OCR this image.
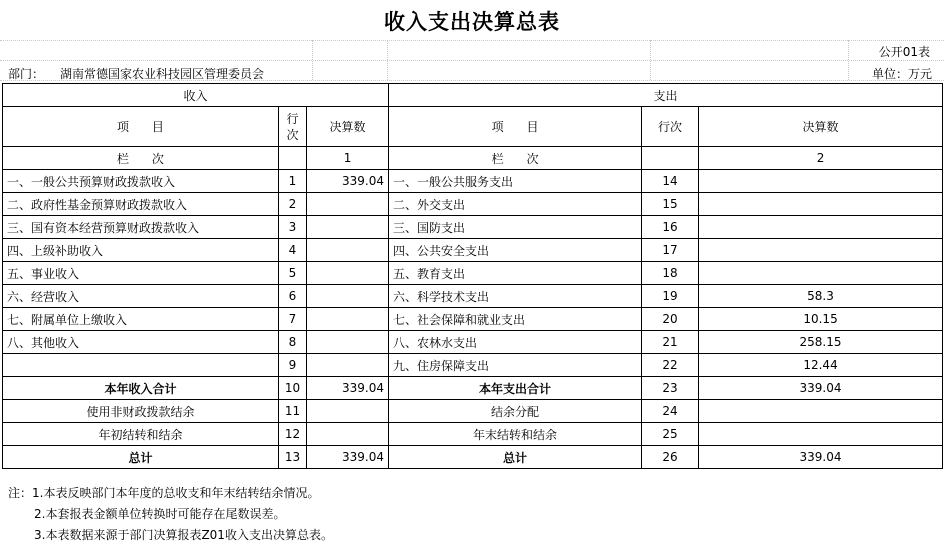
收入支出决算总表
公开01表
部门： 湖南常德国家农业科技园区管理委员会	单位：万元
收入			支出		
项      目	行次	决算数	项      目	行次	决算数
栏      次		1	栏      次		2
一、一般公共预算财政拨款收入	1	339.04	一、一般公共服务支出	14	
二、政府性基金预算财政拨款收入	2		二、外交支出	15	
三、国有资本经营预算财政拨款收入	3		三、国防支出	16	
四、上级补助收入	4		四、公共安全支出	17	
五、事业收入	5		五、教育支出	18	
六、经营收入	6		六、科学技术支出	19	58.3
七、附属单位上缴收入	7		七、社会保障和就业支出	20	10.15
八、其他收入	8		八、农林水支出	21	258.15
	9		九、住房保障支出	22	12.44
本年收入合计	10	339.04	本年支出合计	23	339.04
使用非财政拨款结余	11		结余分配	24	
年初结转和结余	12		年末结转和结余	25	
总计	13	339.04	总计	26	339.04
注：1.本表反映部门本年度的总收支和年末结转结余情况。
2.本套报表金额单位转换时可能存在尾数误差。
3.本表数据来源于部门决算报表Z01收入支出决算总表。
